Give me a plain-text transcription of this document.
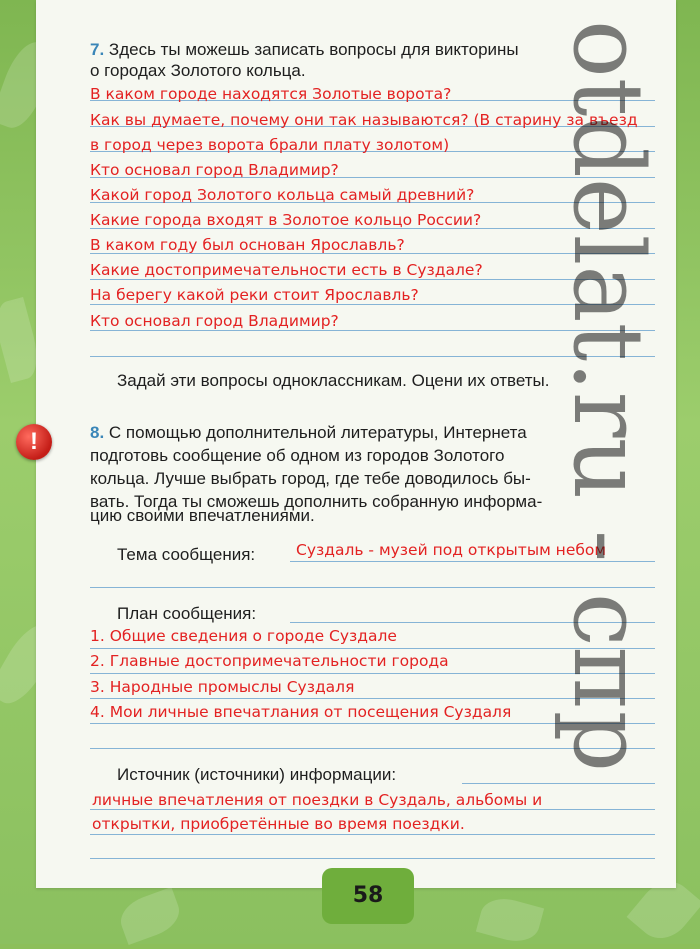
7. Здесь ты можешь записать вопросы для викторины
о городах Золотого кольца.
В каком городе находятся Золотые ворота?
Как вы думаете, почему они так называются? (В старину за въезд
в город через ворота брали плату золотом)
Кто основал город Владимир?
Какой город Золотого кольца самый древний?
Какие города входят в Золотое кольцо России?
В каком году был основан Ярославль?
Какие достопримечательности есть в Суздале?
На берегу какой реки стоит Ярославль?
Кто основал город Владимир?
Задай эти вопросы одноклассникам. Оцени их ответы.
!	8. С помощью дополнительной литературы, Интернета
подготовь сообщение об одном из городов Золотого
кольца. Лучше выбрать город, где тебе доводилось бы-
вать. Тогда ты сможешь дополнить собранную информа-
цию своими впечатлениями.
Тема сообщения:	Суздаль - музей под открытым небом
План сообщения:
1. Общие сведения о городе Суздале
2. Главные достопримечательности города
3. Народные промыслы Суздаля
4. Мои личные впечатлания от посещения Суздаля
Источник (источники) информации:
личные впечатления от поездки в Суздаль, альбомы и
открытки, приобретённые во время поездки.
58
otdelat.ru - спр
